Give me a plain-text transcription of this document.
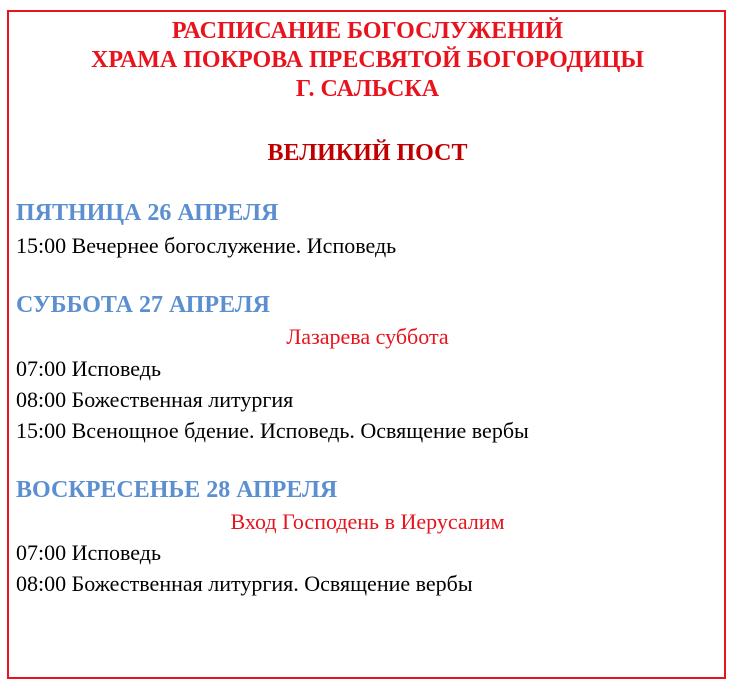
РАСПИСАНИЕ БОГОСЛУЖЕНИЙ
ХРАМА ПОКРОВА ПРЕСВЯТОЙ БОГОРОДИЦЫ
Г. САЛЬСКА
ВЕЛИКИЙ ПОСТ
ПЯТНИЦА 26 АПРЕЛЯ
15:00 Вечернее богослужение. Исповедь
СУББОТА 27 АПРЕЛЯ
Лазарева суббота
07:00 Исповедь
08:00 Божественная литургия
15:00 Всенощное бдение. Исповедь. Освящение вербы
ВОСКРЕСЕНЬЕ 28 АПРЕЛЯ
Вход Господень в Иерусалим
07:00 Исповедь
08:00 Божественная литургия. Освящение вербы
